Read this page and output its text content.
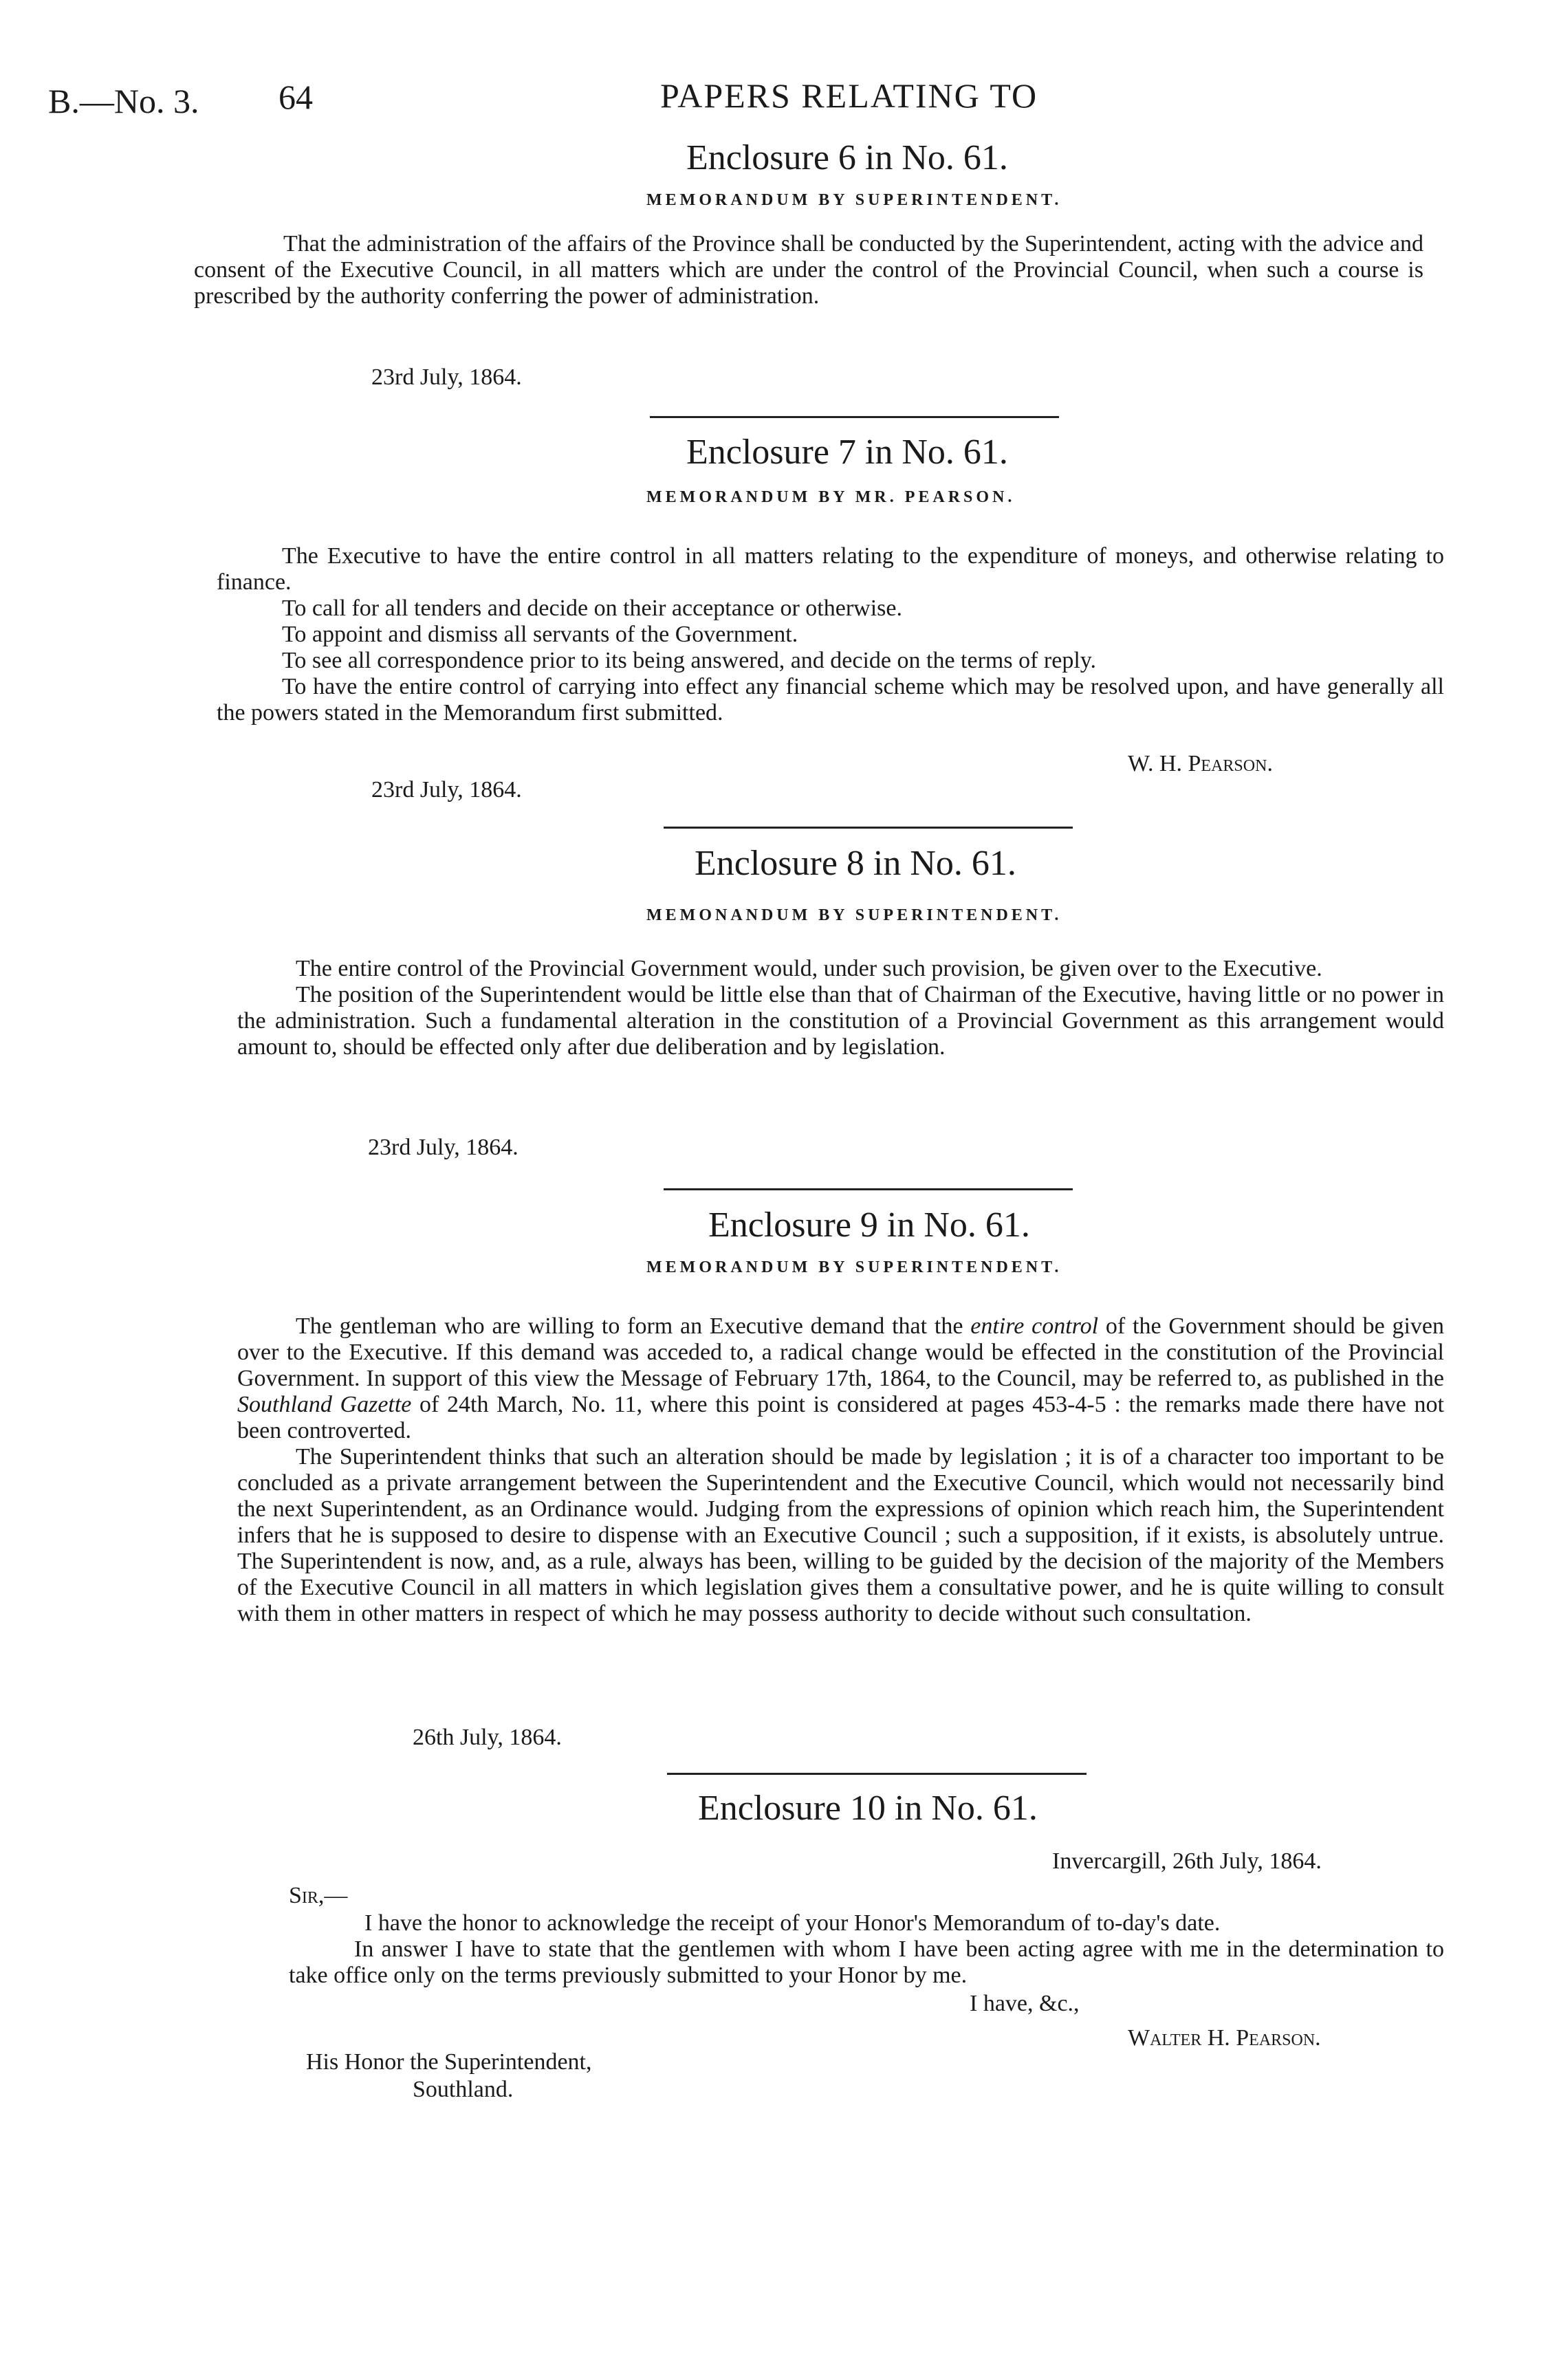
B.—No. 3. 64	PAPERS RELATING TO
Enclosure 6 in No. 61.
MEMORANDUM BY SUPERINTENDENT.

That the administration of the affairs of the Province shall be conducted by the Superintendent, acting with the advice and consent of the Executive Council, in all matters which are under the control of the Provincial Council, when such a course is prescribed by the authority conferring the power of administration.

23rd July, 1864.
Enclosure 7 in No. 61.
MEMORANDUM BY MR. PEARSON.

The Executive to have the entire control in all matters relating to the expenditure of moneys, and otherwise relating to finance.

To call for all tenders and decide on their acceptance or otherwise.

To appoint and dismiss all servants of the Government.

To see all correspondence prior to its being answered, and decide on the terms of reply.

To have the entire control of carrying into effect any financial scheme which may be resolved upon, and have generally all the powers stated in the Memorandum first submitted.

W. H. Pearson.
23rd July, 1864.
Enclosure 8 in No. 61.
MEMONANDUM BY SUPERINTENDENT.

The entire control of the Provincial Government would, under such provision, be given over to the Executive.

The position of the Superintendent would be little else than that of Chairman of the Executive, having little or no power in the administration. Such a fundamental alteration in the constitution of a Provincial Government as this arrangement would amount to, should be effected only after due deliberation and by legislation.

23rd July, 1864.
Enclosure 9 in No. 61.
MEMORANDUM BY SUPERINTENDENT.

The gentleman who are willing to form an Executive demand that the entire control of the Government should be given over to the Executive. If this demand was acceded to, a radical change would be effected in the constitution of the Provincial Government. In support of this view the Message of February 17th, 1864, to the Council, may be referred to, as published in the Southland Gazette of 24th March, No. 11, where this point is considered at pages 453-4-5 : the remarks made there have not been controverted.

The Superintendent thinks that such an alteration should be made by legislation ; it is of a character too important to be concluded as a private arrangement between the Superintendent and the Executive Council, which would not necessarily bind the next Superintendent, as an Ordinance would. Judging from the expressions of opinion which reach him, the Superintendent infers that he is supposed to desire to dispense with an Executive Council ; such a supposition, if it exists, is absolutely untrue. The Superintendent is now, and, as a rule, always has been, willing to be guided by the decision of the majority of the Members of the Executive Council in all matters in which legislation gives them a consultative power, and he is quite willing to consult with them in other matters in respect of which he may possess authority to decide without such consultation.

26th July, 1864.
Enclosure 10 in No. 61.
Invercargill, 26th July, 1864.
Sir,—

I have the honor to acknowledge the receipt of your Honor's Memorandum of to-day's date.

In answer I have to state that the gentlemen with whom I have been acting agree with me in the determination to take office only on the terms previously submitted to your Honor by me.

I have, &c.,
Walter H. Pearson.
His Honor the Superintendent,
Southland.
